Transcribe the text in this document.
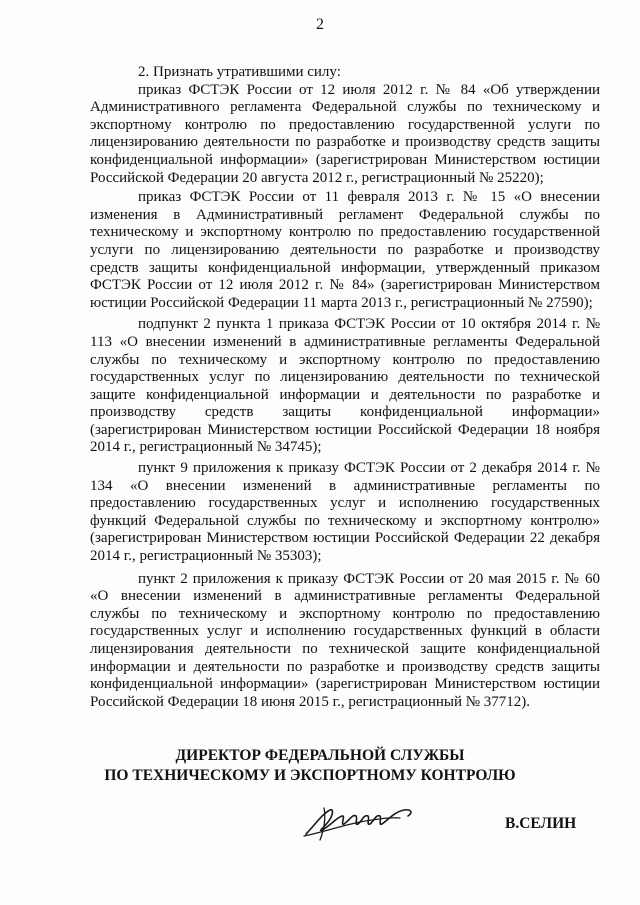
2

2. Признать утратившими силу:

приказ ФСТЭК России от 12 июля 2012 г. № 84 «Об утверждении Административного регламента Федеральной службы по техническому и экспортному контролю по предоставлению государственной услуги по лицензированию деятельности по разработке и производству средств защиты конфиденциальной информации» (зарегистрирован Министерством юстиции Российской Федерации 20 августа 2012 г., регистрационный № 25220);

приказ ФСТЭК России от 11 февраля 2013 г. № 15 «О внесении изменения в Административный регламент Федеральной службы по техническому и экспортному контролю по предоставлению государственной услуги по лицензированию деятельности по разработке и производству средств защиты конфиденциальной информации, утвержденный приказом ФСТЭК России от 12 июля 2012 г. № 84» (зарегистрирован Министерством юстиции Российской Федерации 11 марта 2013 г., регистрационный № 27590);

подпункт 2 пункта 1 приказа ФСТЭК России от 10 октября 2014 г. № 113 «О внесении изменений в административные регламенты Федеральной службы по техническому и экспортному контролю по предоставлению государственных услуг по лицензированию деятельности по технической защите конфиденциальной информации и деятельности по разработке и производству средств защиты конфиденциальной информации» (зарегистрирован Министерством юстиции Российской Федерации 18 ноября 2014 г., регистрационный № 34745);

пункт 9 приложения к приказу ФСТЭК России от 2 декабря 2014 г. № 134 «О внесении изменений в административные регламенты по предоставлению государственных услуг и исполнению государственных функций Федеральной службы по техническому и экспортному контролю» (зарегистрирован Министерством юстиции Российской Федерации 22 декабря 2014 г., регистрационный № 35303);

пункт 2 приложения к приказу ФСТЭК России от 20 мая 2015 г. № 60 «О внесении изменений в административные регламенты Федеральной службы по техническому и экспортному контролю по предоставлению государственных услуг и исполнению государственных функций в области лицензирования деятельности по технической защите конфиденциальной информации и деятельности по разработке и производству средств защиты конфиденциальной информации» (зарегистрирован Министерством юстиции Российской Федерации 18 июня 2015 г., регистрационный № 37712).

ДИРЕКТОР ФЕДЕРАЛЬНОЙ СЛУЖБЫ
ПО ТЕХНИЧЕСКОМУ И ЭКСПОРТНОМУ КОНТРОЛЮ
В.СЕЛИН
